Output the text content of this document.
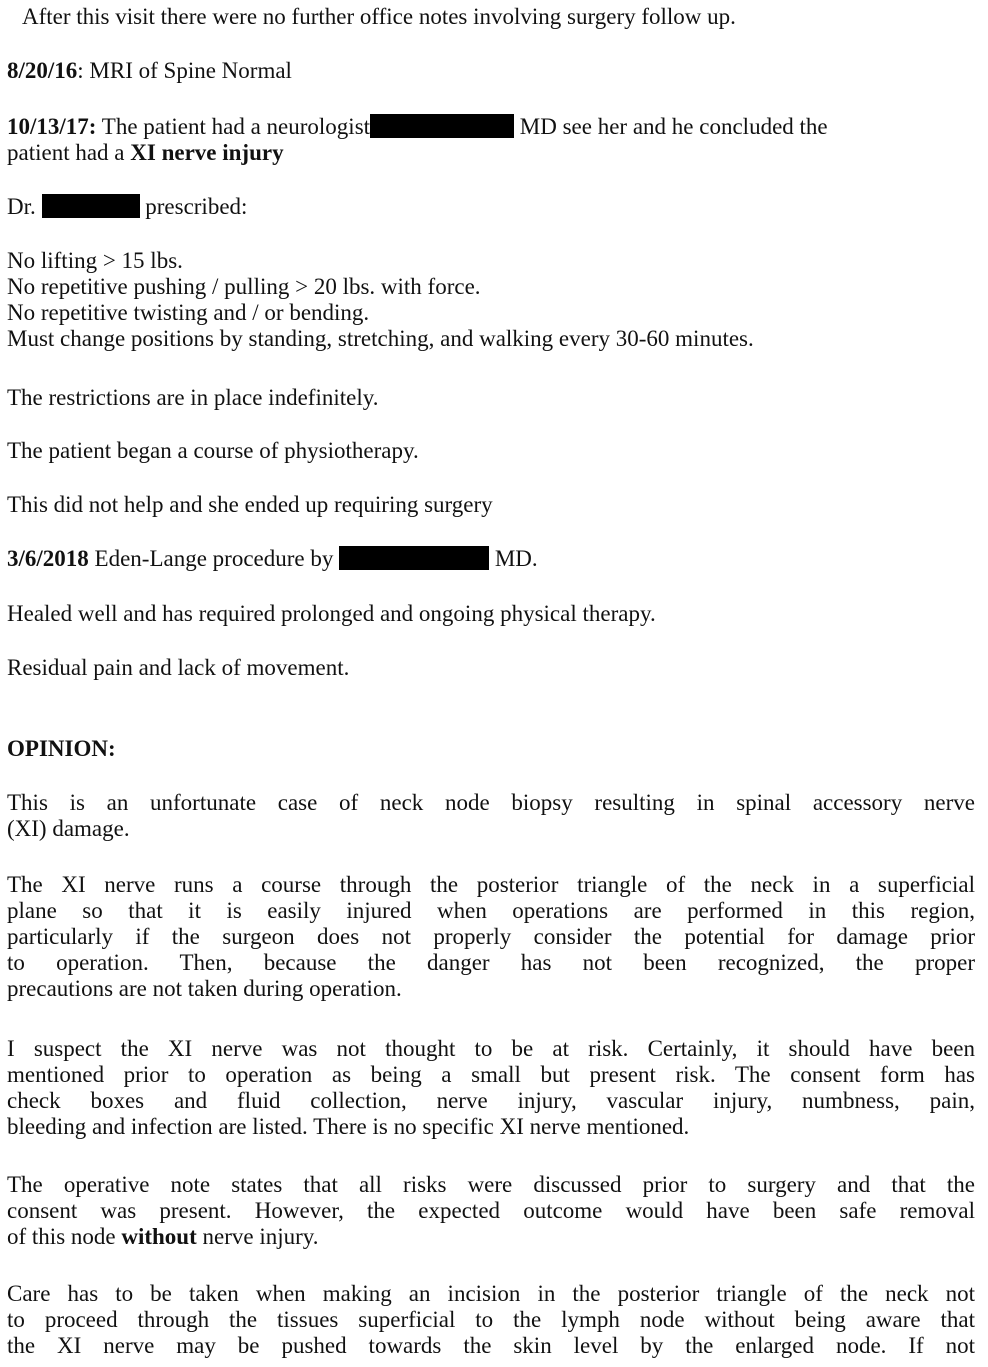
After this visit there were no further office notes involving surgery follow up.

8/20/16: MRI of Spine Normal

10/13/17: The patient had a neurologist	MD see her and he concluded the
patient had a XI nerve injury

Dr.	prescribed:

No lifting > 15 lbs.
No repetitive pushing / pulling > 20 lbs. with force.
No repetitive twisting and / or bending.
Must change positions by standing, stretching, and walking every 30-60 minutes.

The restrictions are in place indefinitely.

The patient began a course of physiotherapy.

This did not help and she ended up requiring surgery

3/6/2018 Eden-Lange procedure by	MD.

Healed well and has required prolonged and ongoing physical therapy.

Residual pain and lack of movement.

OPINION:

This is an unfortunate case of neck node biopsy resulting in spinal accessory nerve
(XI) damage.

The XI nerve runs a course through the posterior triangle of the neck in a superficial
plane so that it is easily injured when operations are performed in this region,
particularly if the surgeon does not properly consider the potential for damage prior
to operation. Then, because the danger has not been recognized, the proper
precautions are not taken during operation.

I suspect the XI nerve was not thought to be at risk. Certainly, it should have been
mentioned prior to operation as being a small but present risk. The consent form has
check boxes and fluid collection, nerve injury, vascular injury, numbness, pain,
bleeding and infection are listed. There is no specific XI nerve mentioned.

The operative note states that all risks were discussed prior to surgery and that the
consent was present. However, the expected outcome would have been safe removal
of this node without nerve injury.

Care has to be taken when making an incision in the posterior triangle of the neck not
to proceed through the tissues superficial to the lymph node without being aware that
the XI nerve may be pushed towards the skin level by the enlarged node. If not
